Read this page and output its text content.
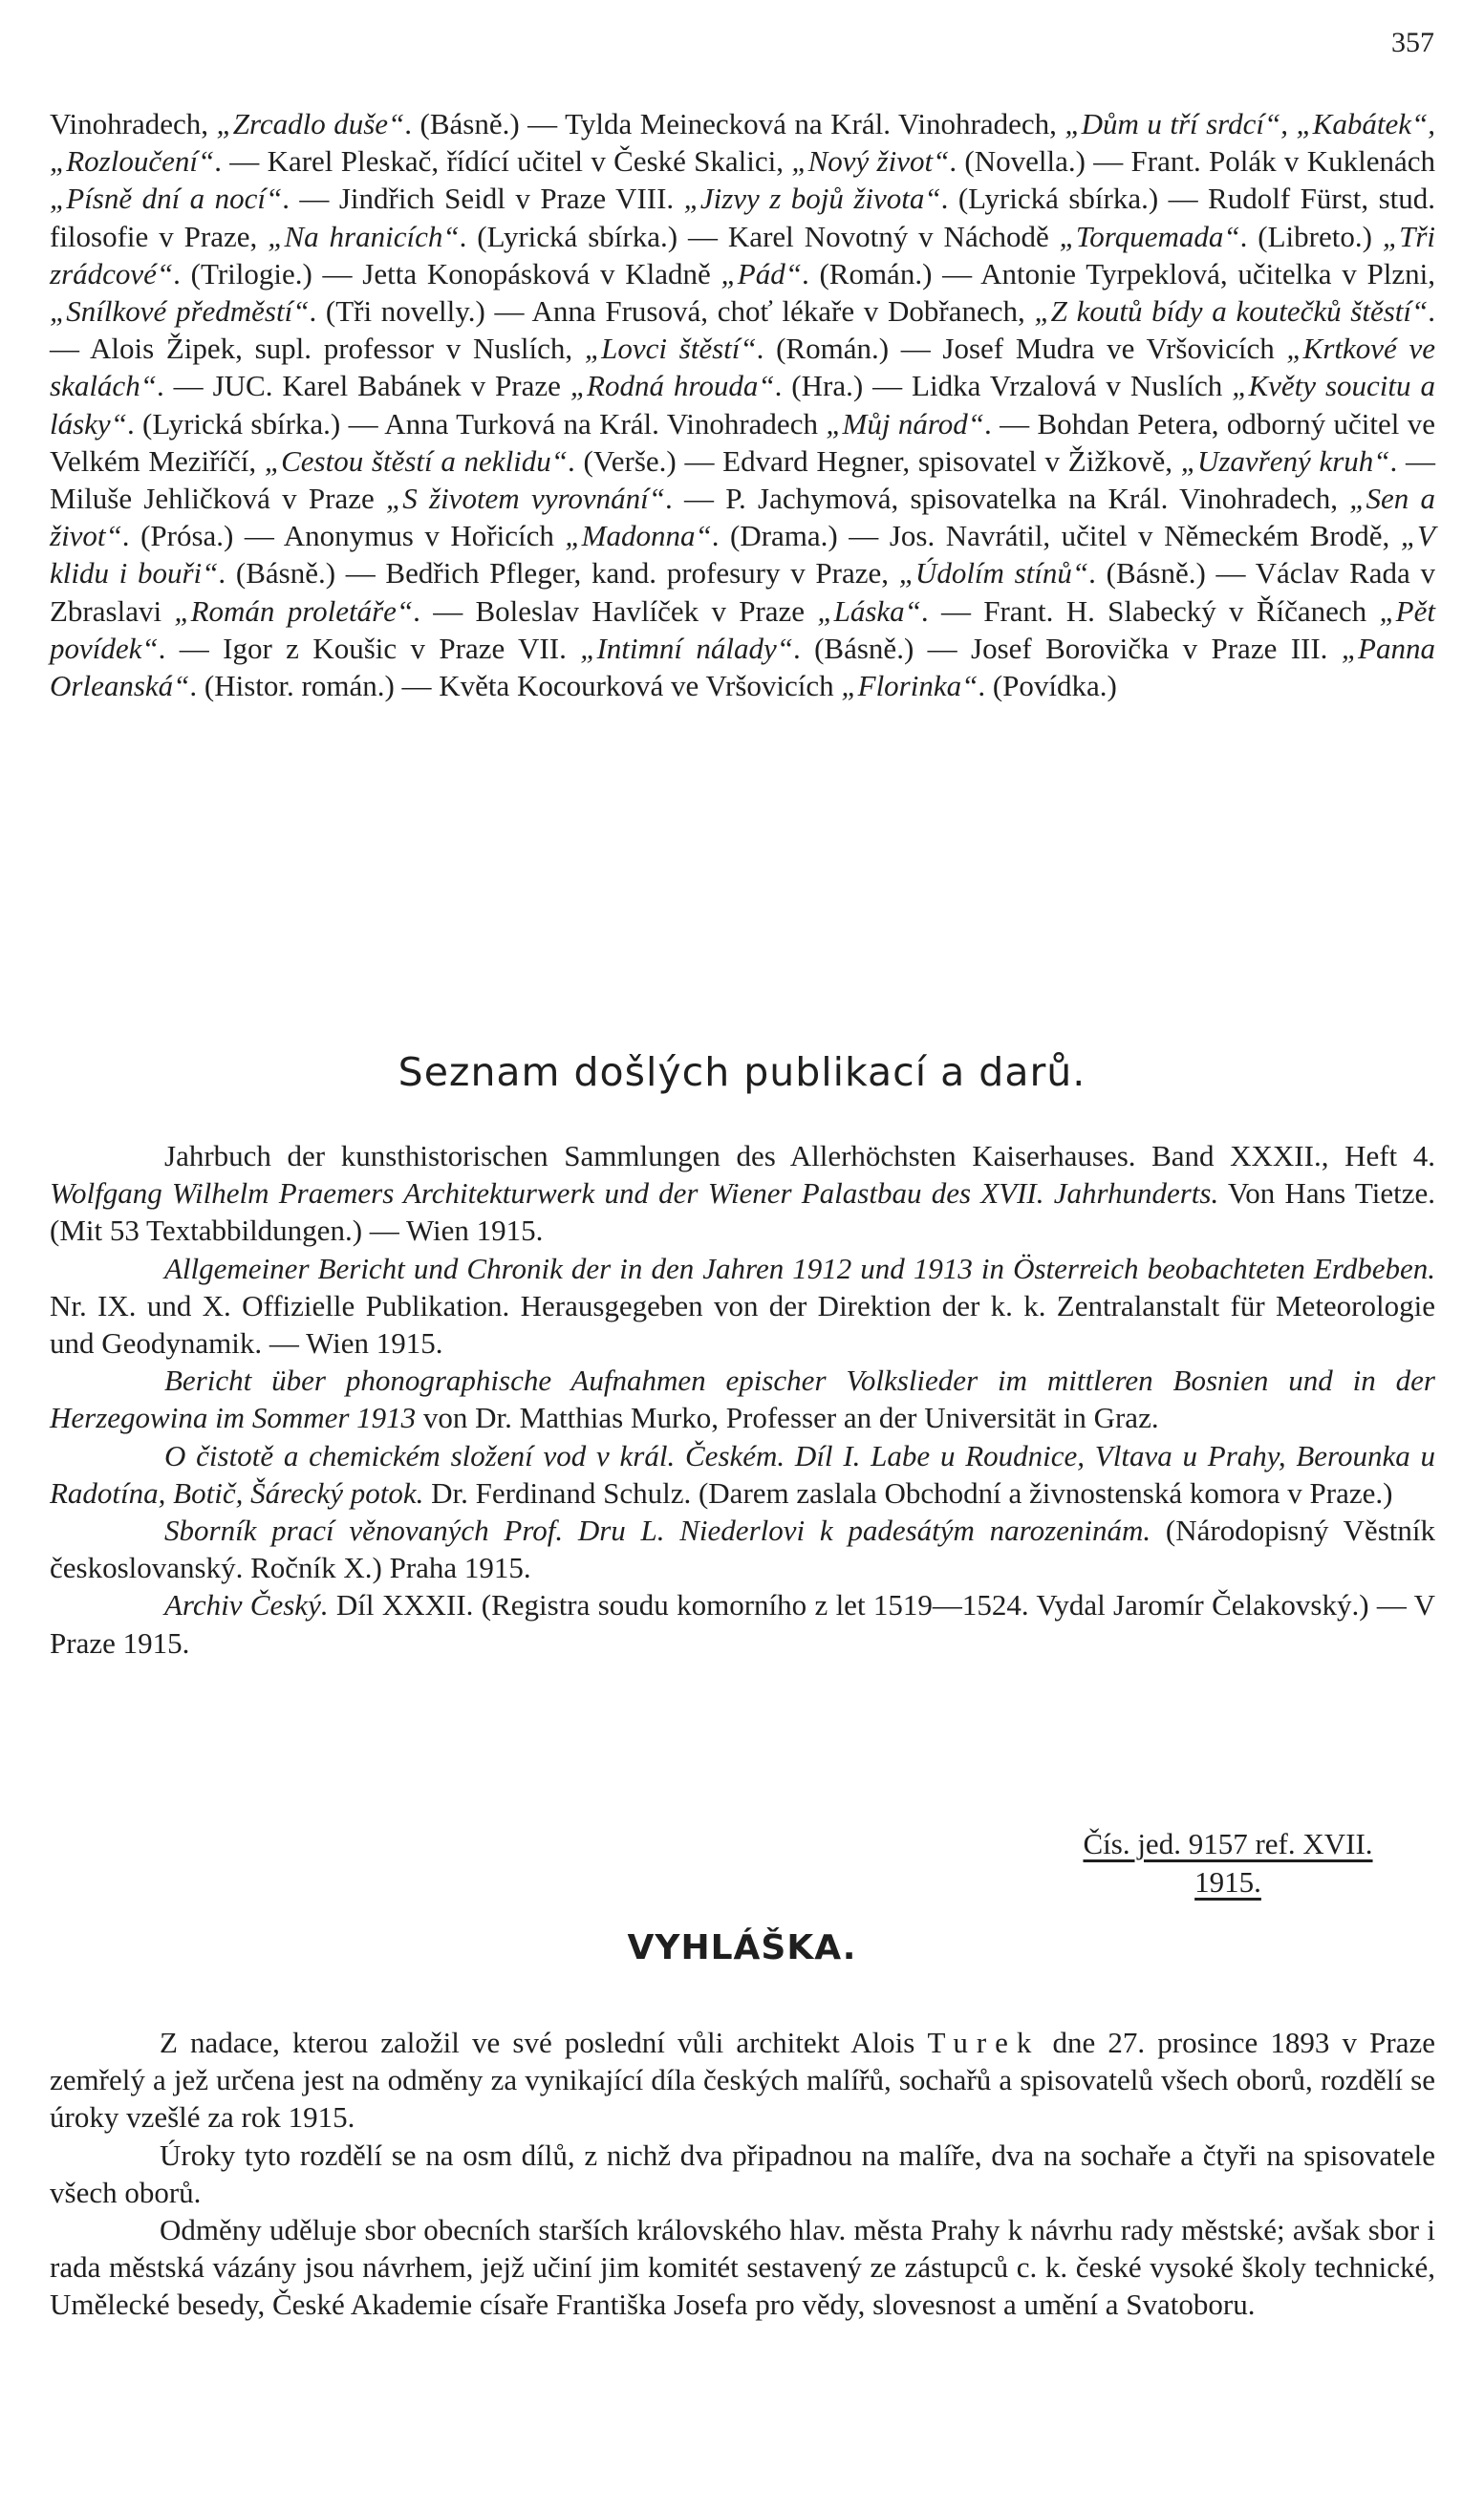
357

Vinohradech, „Zrcadlo duše“. (Básně.) — Tylda Meinecková na Král. Vinohradech, „Dům u tří srdcí“, „Kabátek“, „Rozloučení“. — Karel Pleskač, řídící učitel v České Skalici, „Nový život“. (Novella.) — Frant. Polák v Kuklenách „Písně dní a nocí“. — Jindřich Seidl v Praze VIII. „Jizvy z bojů života“. (Lyrická sbírka.) — Rudolf Fürst, stud. filosofie v Praze, „Na hranicích“. (Lyrická sbírka.) — Karel Novotný v Náchodě „Torquemada“. (Libreto.) „Tři zrádcové“. (Trilogie.) — Jetta Konopásková v Kladně „Pád“. (Román.) — Antonie Tyrpeklová, učitelka v Plzni, „Snílkové předměstí“. (Tři novelly.) — Anna Frusová, choť lékaře v Dobřanech, „Z koutů bídy a koutečků štěstí“. — Alois Žipek, supl. professor v Nuslích, „Lovci štěstí“. (Román.) — Josef Mudra ve Vršovicích „Krtkové ve skalách“. — JUC. Karel Babánek v Praze „Rodná hrouda“. (Hra.) — Lidka Vrzalová v Nuslích „Květy soucitu a lásky“. (Lyrická sbírka.) — Anna Turková na Král. Vinohradech „Můj národ“. — Bohdan Petera, odborný učitel ve Velkém Meziříčí, „Cestou štěstí a neklidu“. (Verše.) — Edvard Hegner, spisovatel v Žižkově, „Uzavřený kruh“. — Miluše Jehličková v Praze „S životem vyrovnání“. — P. Jachymová, spisovatelka na Král. Vinohradech, „Sen a život“. (Prósa.) — Anonymus v Hořicích „Madonna“. (Drama.) — Jos. Navrátil, učitel v Německém Brodě, „V klidu i bouři“. (Básně.) — Bedřich Pfleger, kand. profesury v Praze, „Údolím stínů“. (Básně.) — Václav Rada v Zbraslavi „Román proletáře“. — Boleslav Havlíček v Praze „Láska“. — Frant. H. Slabecký v Říčanech „Pět povídek“. — Igor z Koušic v Praze VII. „Intimní nálady“. (Básně.) — Josef Borovička v Praze III. „Panna Orleanská“. (Histor. román.) — Květa Kocourková ve Vršovicích „Florinka“. (Povídka.)

Seznam došlých publikací a darů.

Jahrbuch der kunsthistorischen Sammlungen des Allerhöchsten Kaiserhauses. Band XXXII., Heft 4. Wolfgang Wilhelm Praemers Architekturwerk und der Wiener Palastbau des XVII. Jahrhunderts. Von Hans Tietze. (Mit 53 Textabbildungen.) — Wien 1915.

Allgemeiner Bericht und Chronik der in den Jahren 1912 und 1913 in Österreich beobachteten Erdbeben. Nr. IX. und X. Offizielle Publikation. Herausgegeben von der Direktion der k. k. Zentralanstalt für Meteorologie und Geodynamik. — Wien 1915.

Bericht über phonographische Aufnahmen epischer Volkslieder im mittleren Bosnien und in der Herzegowina im Sommer 1913 von Dr. Matthias Murko, Professer an der Universität in Graz.

O čistotě a chemickém složení vod v král. Českém. Díl I. Labe u Roudnice, Vltava u Prahy, Berounka u Radotína, Botič, Šárecký potok. Dr. Ferdinand Schulz. (Darem zaslala Obchodní a živnostenská komora v Praze.)

Sborník prací věnovaných Prof. Dru L. Niederlovi k padesátým narozeninám. (Národopisný Věstník českoslovanský. Ročník X.) Praha 1915.

Archiv Český. Díl XXXII. (Registra soudu komorního z let 1519—1524. Vydal Jaromír Čelakovský.) — V Praze 1915.

Čís. jed. 9157 ref. XVII.
1915.
VYHLÁŠKA.

Z nadace, kterou založil ve své poslední vůli architekt Alois Turek dne 27. prosince 1893 v Praze zemřelý a jež určena jest na odměny za vynikající díla českých malířů, sochařů a spisovatelů všech oborů, rozdělí se úroky vzešlé za rok 1915.

Úroky tyto rozdělí se na osm dílů, z nichž dva připadnou na malíře, dva na sochaře a čtyři na spisovatele všech oborů.

Odměny uděluje sbor obecních starších královského hlav. města Prahy k návrhu rady městské; avšak sbor i rada městská vázány jsou návrhem, jejž učiní jim komitét sestavený ze zástupců c. k. české vysoké školy technické, Umělecké besedy, České Akademie císaře Františka Josefa pro vědy, slovesnost a umění a Svatoboru.
